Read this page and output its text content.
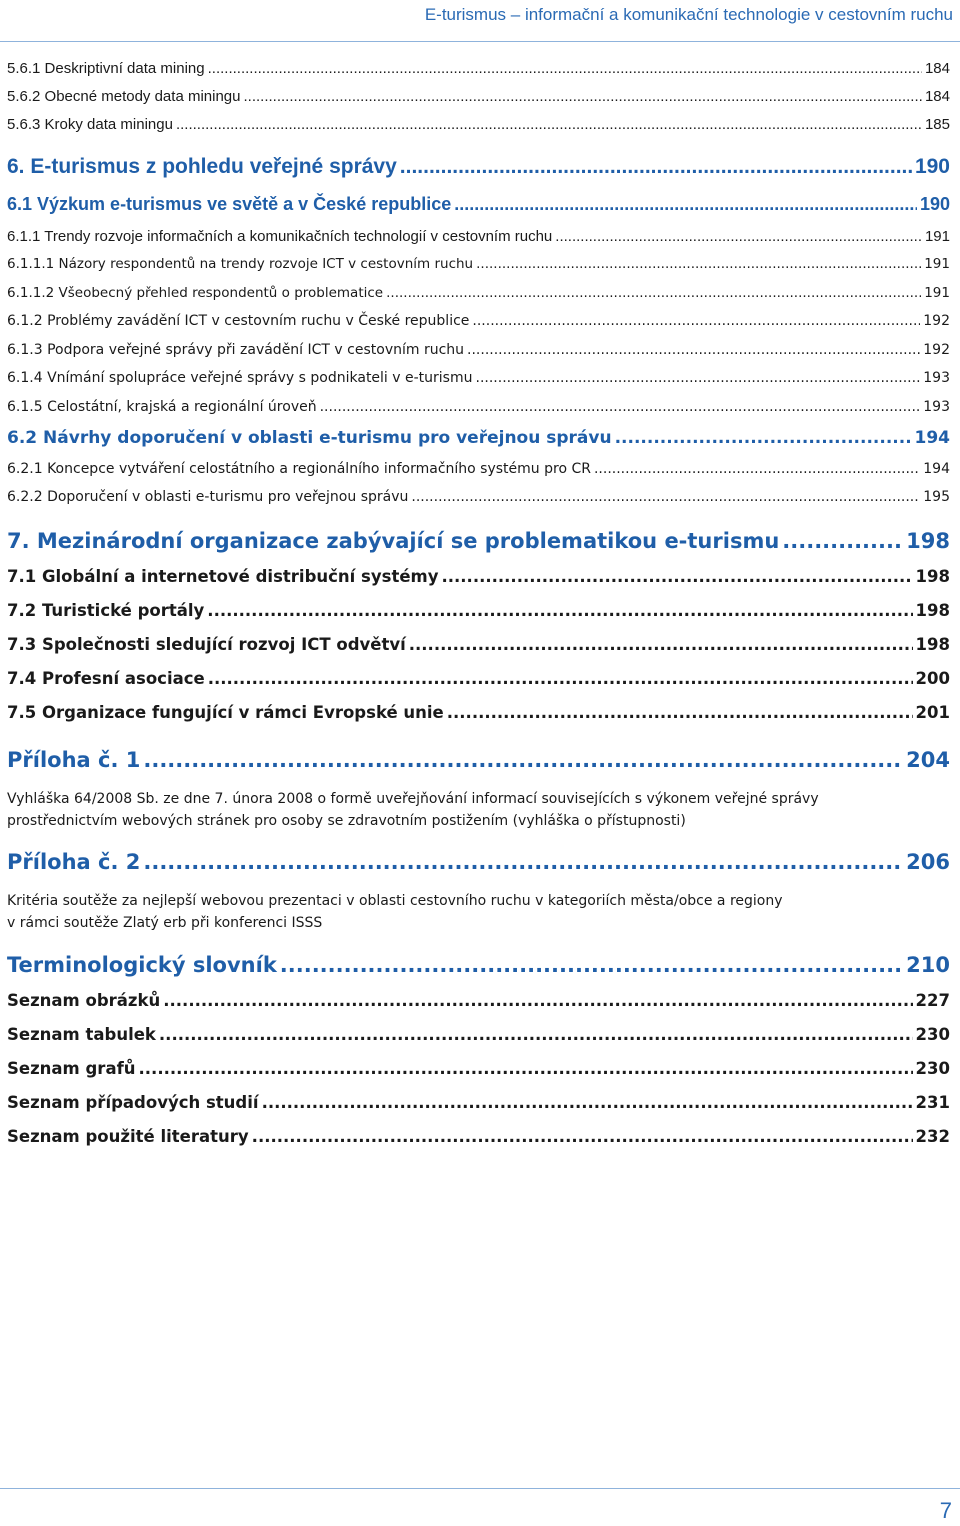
E-turismus – informační a komunikační technologie v cestovním ruchu
5.6.1 Deskriptivní data mining .....	184
5.6.2 Obecné metody data miningu .....	184
5.6.3 Kroky data miningu .....	185
6. E-turismus z pohledu veřejné správy .....	190
6.1 Výzkum e-turismus ve světě a v České republice .....	190
6.1.1 Trendy rozvoje informačních a komunikačních technologií v cestovním ruchu .....	191
6.1.1.1 Názory respondentů na trendy rozvoje ICT v cestovním ruchu .....	191
6.1.1.2 Všeobecný přehled respondentů o problematice .....	191
6.1.2 Problémy zavádění ICT v cestovním ruchu v České republice .....	192
6.1.3 Podpora veřejné správy při zavádění ICT v cestovním ruchu .....	192
6.1.4 Vnímání spolupráce veřejné správy s podnikateli v e-turismu .....	193
6.1.5 Celostátní, krajská a regionální úroveň .....	193
6.2 Návrhy doporučení v oblasti e-turismu pro veřejnou správu .....	194
6.2.1 Koncepce vytváření celostátního a regionálního informačního systému pro CR .....	194
6.2.2 Doporučení v oblasti e-turismu pro veřejnou správu .....	195
7. Mezinárodní organizace zabývající se problematikou e-turismu .....	198
7.1 Globální a internetové distribuční systémy .....	198
7.2 Turistické portály .....	198
7.3 Společnosti sledující rozvoj ICT odvětví .....	198
7.4 Profesní asociace .....	200
7.5 Organizace fungující v rámci Evropské unie .....	201
Příloha č. 1 .....	204
Vyhláška 64/2008 Sb. ze dne 7. února 2008 o formě uveřejňování informací souvisejících s výkonem veřejné správy
prostřednictvím webových stránek pro osoby se zdravotním postižením (vyhláška o přístupnosti)
Příloha č. 2 .....	206
Kritéria soutěže za nejlepší webovou prezentaci v oblasti cestovního ruchu v kategoriích města/obce a regiony
v rámci soutěže Zlatý erb při konferenci ISSS
Terminologický slovník .....	210
Seznam obrázků .....	227
Seznam tabulek .....	230
Seznam grafů .....	230
Seznam případových studií .....	231
Seznam použité literatury .....	232
7
